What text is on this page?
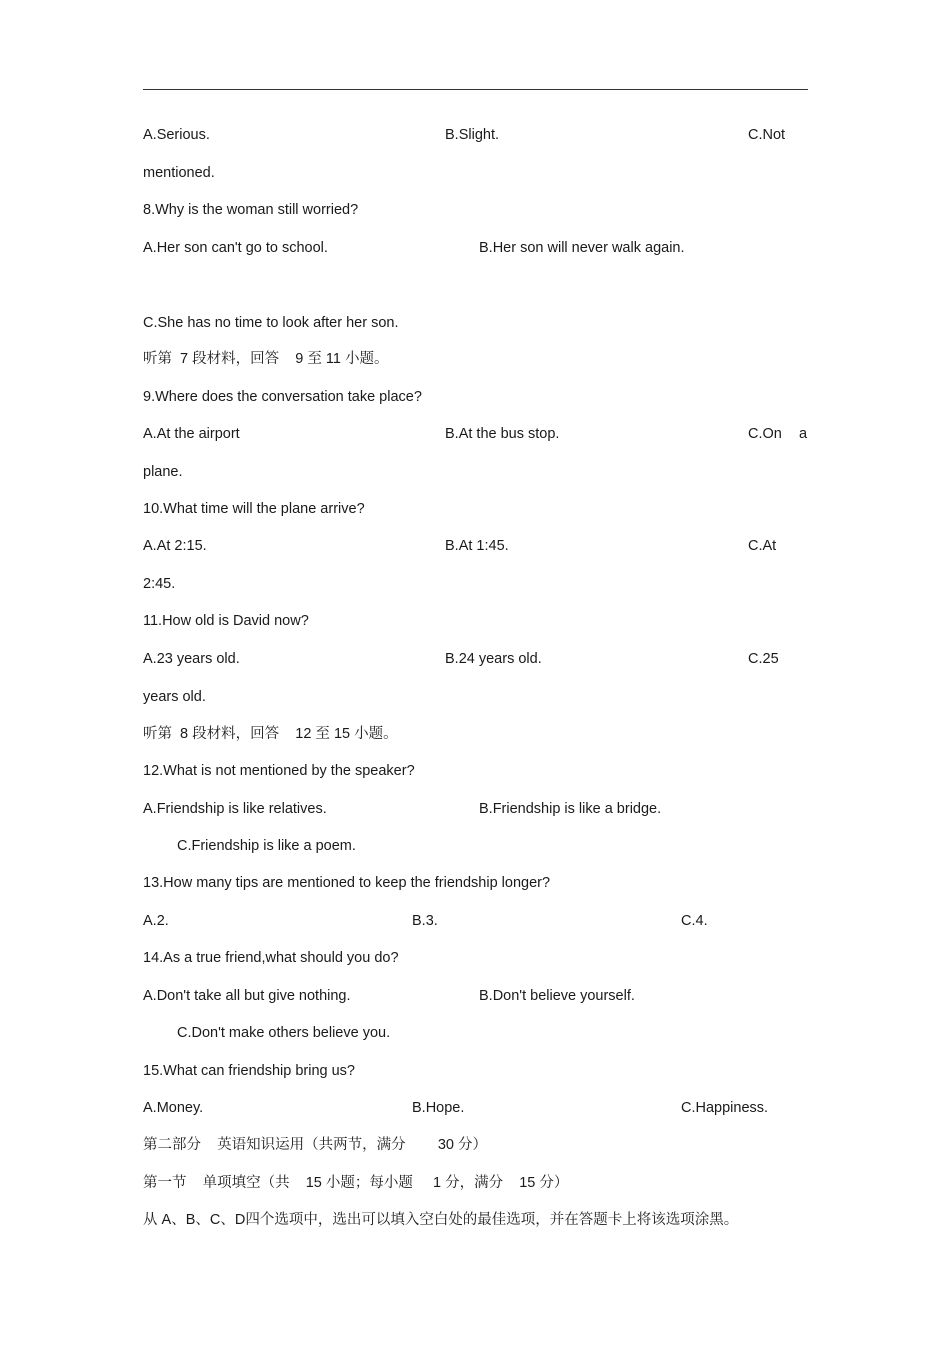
A.Serious.	B.Slight.	C.Not
mentioned.
8.Why is the woman still worried?
A.Her son can't go to school.	B.Her son will never walk again.
C.She has no time to look after her son.
听第  7 段材料，回答    9 至 11 小题。
9.Where does the conversation take place?
A.At the airport	B.At the bus stop.	C.On a
plane.
10.What time will the plane arrive?
A.At 2:15.	B.At 1:45.	C.At
2:45.
11.How old is David now?
A.23 years old.	B.24 years old.	C.25
years old.
听第  8 段材料，回答    12 至 15 小题。
12.What is not mentioned by the speaker?
A.Friendship is like relatives.	B.Friendship is like a bridge.
C.Friendship is like a poem.
13.How many tips are mentioned to keep the friendship longer?
A.2.	B.3.	C.4.
14.As a true friend,what should you do?
A.Don't take all but give nothing.	B.Don't believe yourself.
C.Don't make others believe you.
15.What can friendship bring us?
A.Money.	B.Hope.	C.Happiness.
第二部分    英语知识运用（共两节，满分        30 分）
第一节    单项填空（共    15 小题；每小题     1 分，满分    15 分）
从 A、B、C、D四个选项中，选出可以填入空白处的最佳选项，并在答题卡上将该选项涂黑。
